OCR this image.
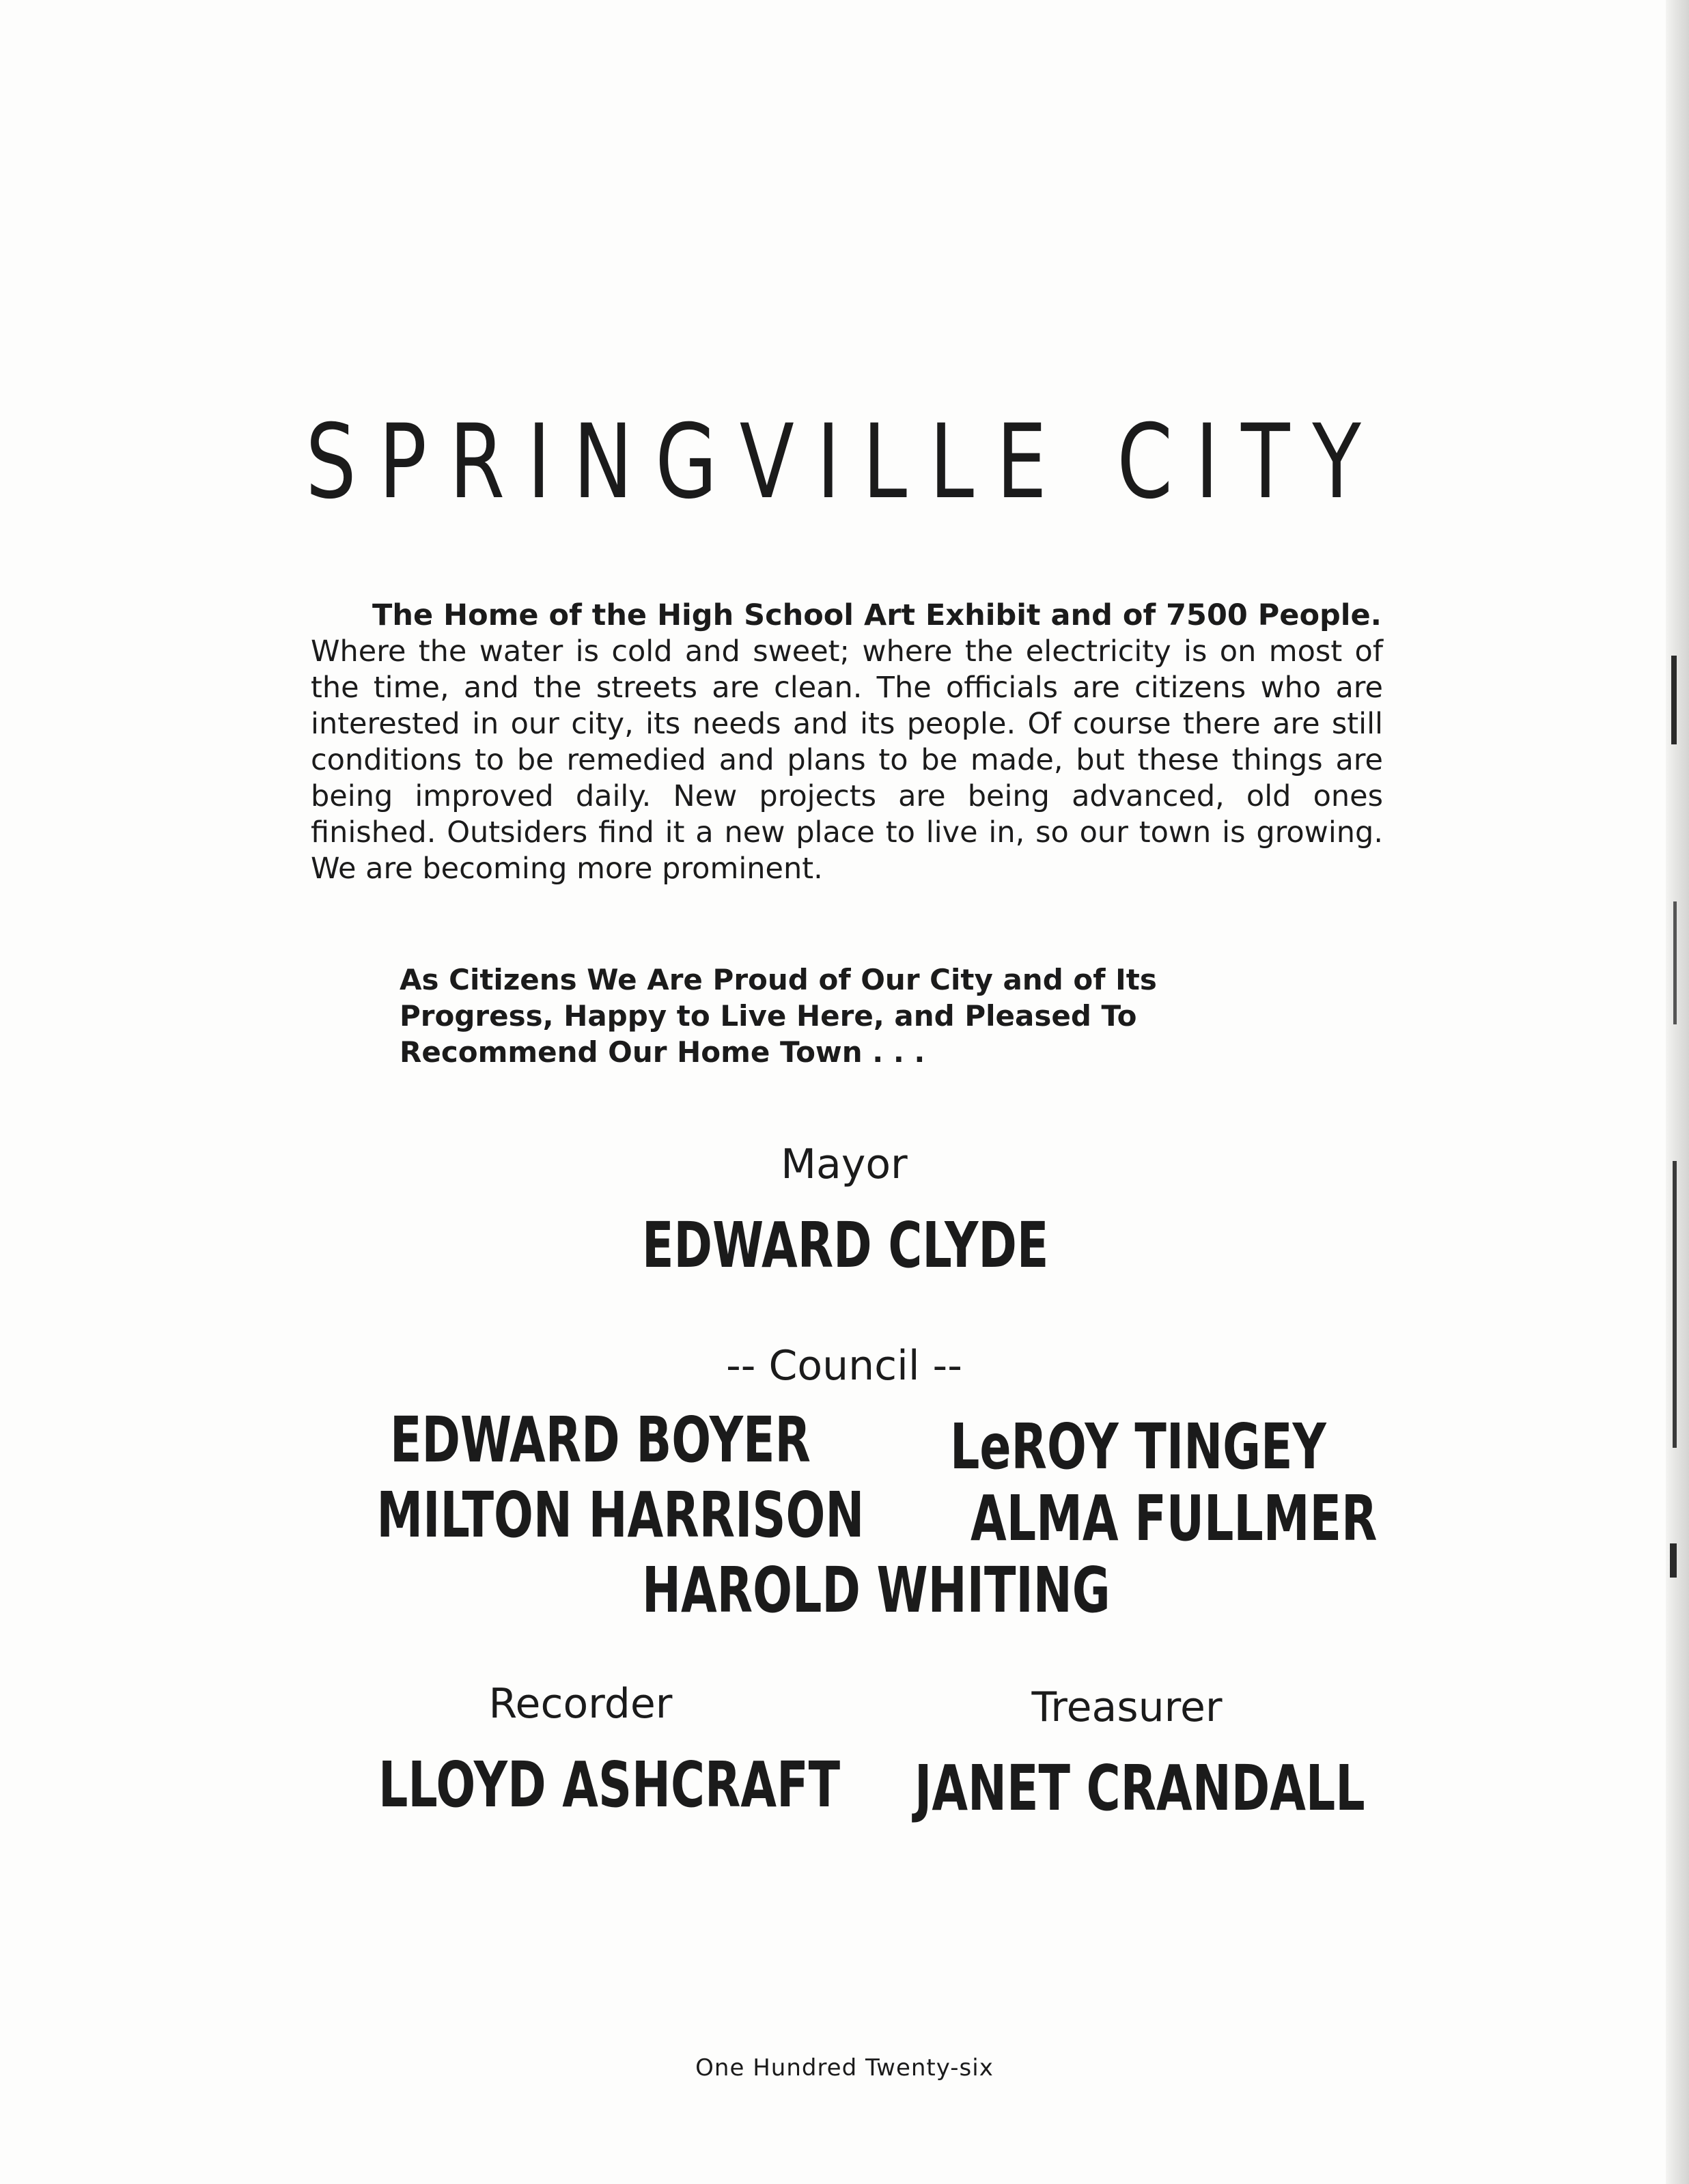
SPRINGVILLE CITY
The Home of the High School Art Exhibit and of 7500 People.
Where the water is cold and sweet; where the electricity is on most of the time, and the streets are clean. The officials are citizens who are interested in our city, its needs and its people. Of course there are still conditions to be remedied and plans to be made, but these things are being improved daily. New projects are being advanced, old ones finished. Outsiders find it a new place to live in, so our town is growing. We are becoming more prominent.
As Citizens We Are Proud of Our City and of Its Progress, Happy to Live Here, and Pleased To Recommend Our Home Town . . .
Mayor
EDWARD CLYDE
-- Council --
EDWARD BOYER LeROY TINGEY
MILTON HARRISON ALMA FULLMER
HAROLD WHITING
Recorder	Treasurer
LLOYD ASHCRAFT JANET CRANDALL
One Hundred Twenty-six
